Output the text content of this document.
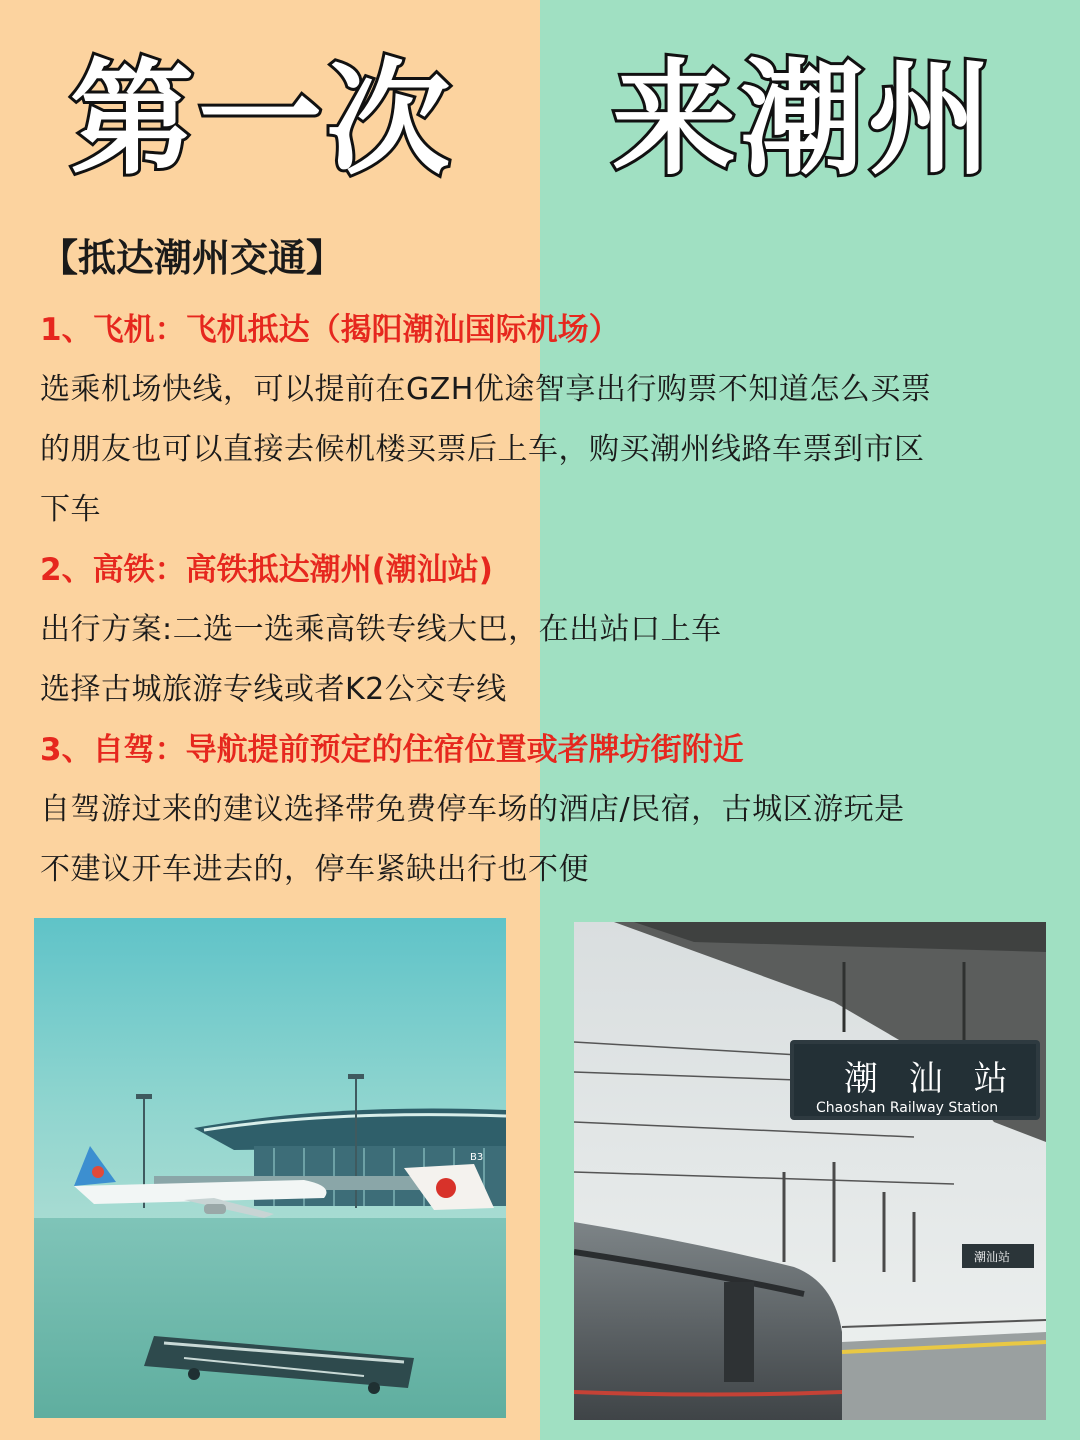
第一次 来潮州
【抵达潮州交通】
1、飞机：飞机抵达（揭阳潮汕国际机场）
选乘机场快线，可以提前在GZH优途智享出行购票不知道怎么买票
的朋友也可以直接去候机楼买票后上车，购买潮州线路车票到市区
下车
2、高铁：高铁抵达潮州(潮汕站)
出行方案:二选一选乘高铁专线大巴，在出站口上车
选择古城旅游专线或者K2公交专线
3、自驾：导航提前预定的住宿位置或者牌坊街附近
自驾游过来的建议选择带免费停车场的酒店/民宿，古城区游玩是
不建议开车进去的，停车紧缺出行也不便
B3
潮 汕 站
Chaoshan Railway Station
潮汕站
